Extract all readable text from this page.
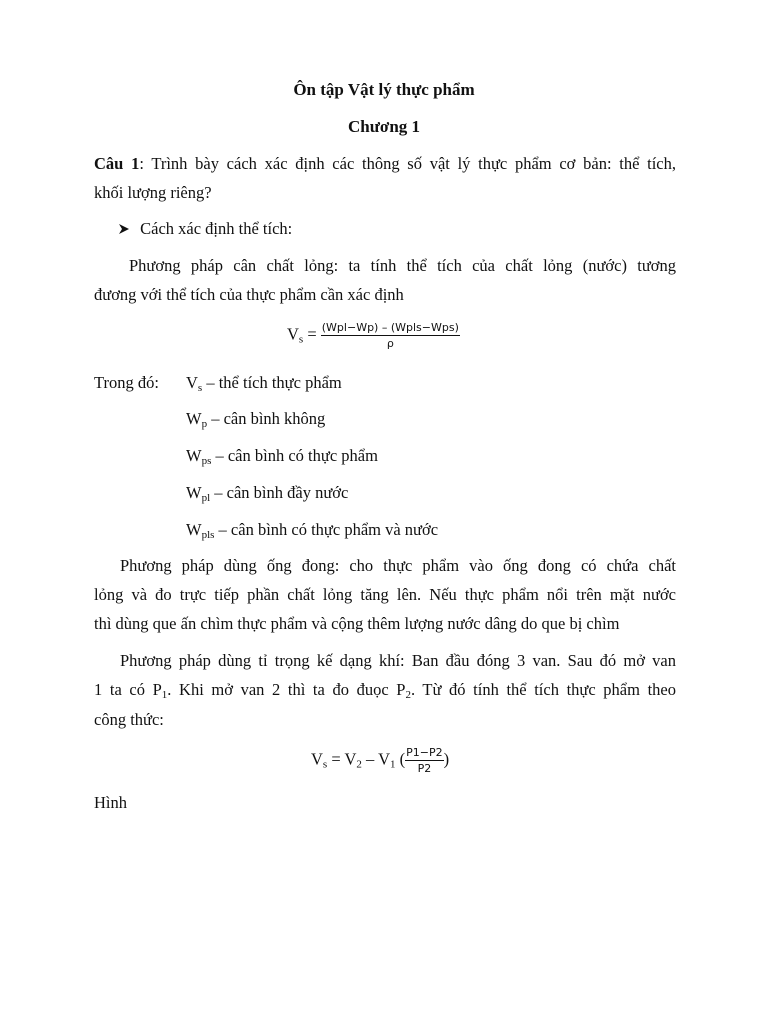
Ôn tập Vật lý thực phẩm
Chương 1
Câu 1: Trình bày cách xác định các thông số vật lý thực phẩm cơ bản: thể tích,
khối lượng riêng?
Cách xác định thể tích:
Phương pháp cân chất lỏng: ta tính thể tích của chất lỏng (nước) tương
đương với thể tích của thực phẩm cần xác định
$V_s = \frac{\text{(Wpl−Wp) – (Wpls−Wps)}}{\rho}$
Trong đó: $V_s$ – thể tích thực phẩm
$W_p$ – cân bình không
$W_{ps}$ – cân bình có thực phẩm
$W_{pl}$ – cân bình đầy nước
$W_{pls}$ – cân bình có thực phẩm và nước
Phương pháp dùng ống đong: cho thực phẩm vào ống đong có chứa chất
lỏng và đo trực tiếp phần chất lỏng tăng lên. Nếu thực phẩm nổi trên mặt nước
thì dùng que ấn chìm thực phẩm và cộng thêm lượng nước dâng do que bị chìm
Phương pháp dùng tỉ trọng kế dạng khí: Ban đầu đóng 3 van. Sau đó mở van
1 ta có $P_1$. Khi mở van 2 thì ta đo đuọc $P_2$. Từ đó tính thể tích thực phẩm theo
công thức:
$V_s = V_2 - V_1$ ( $\frac{P1-P2}{P2}$ )
Hình
